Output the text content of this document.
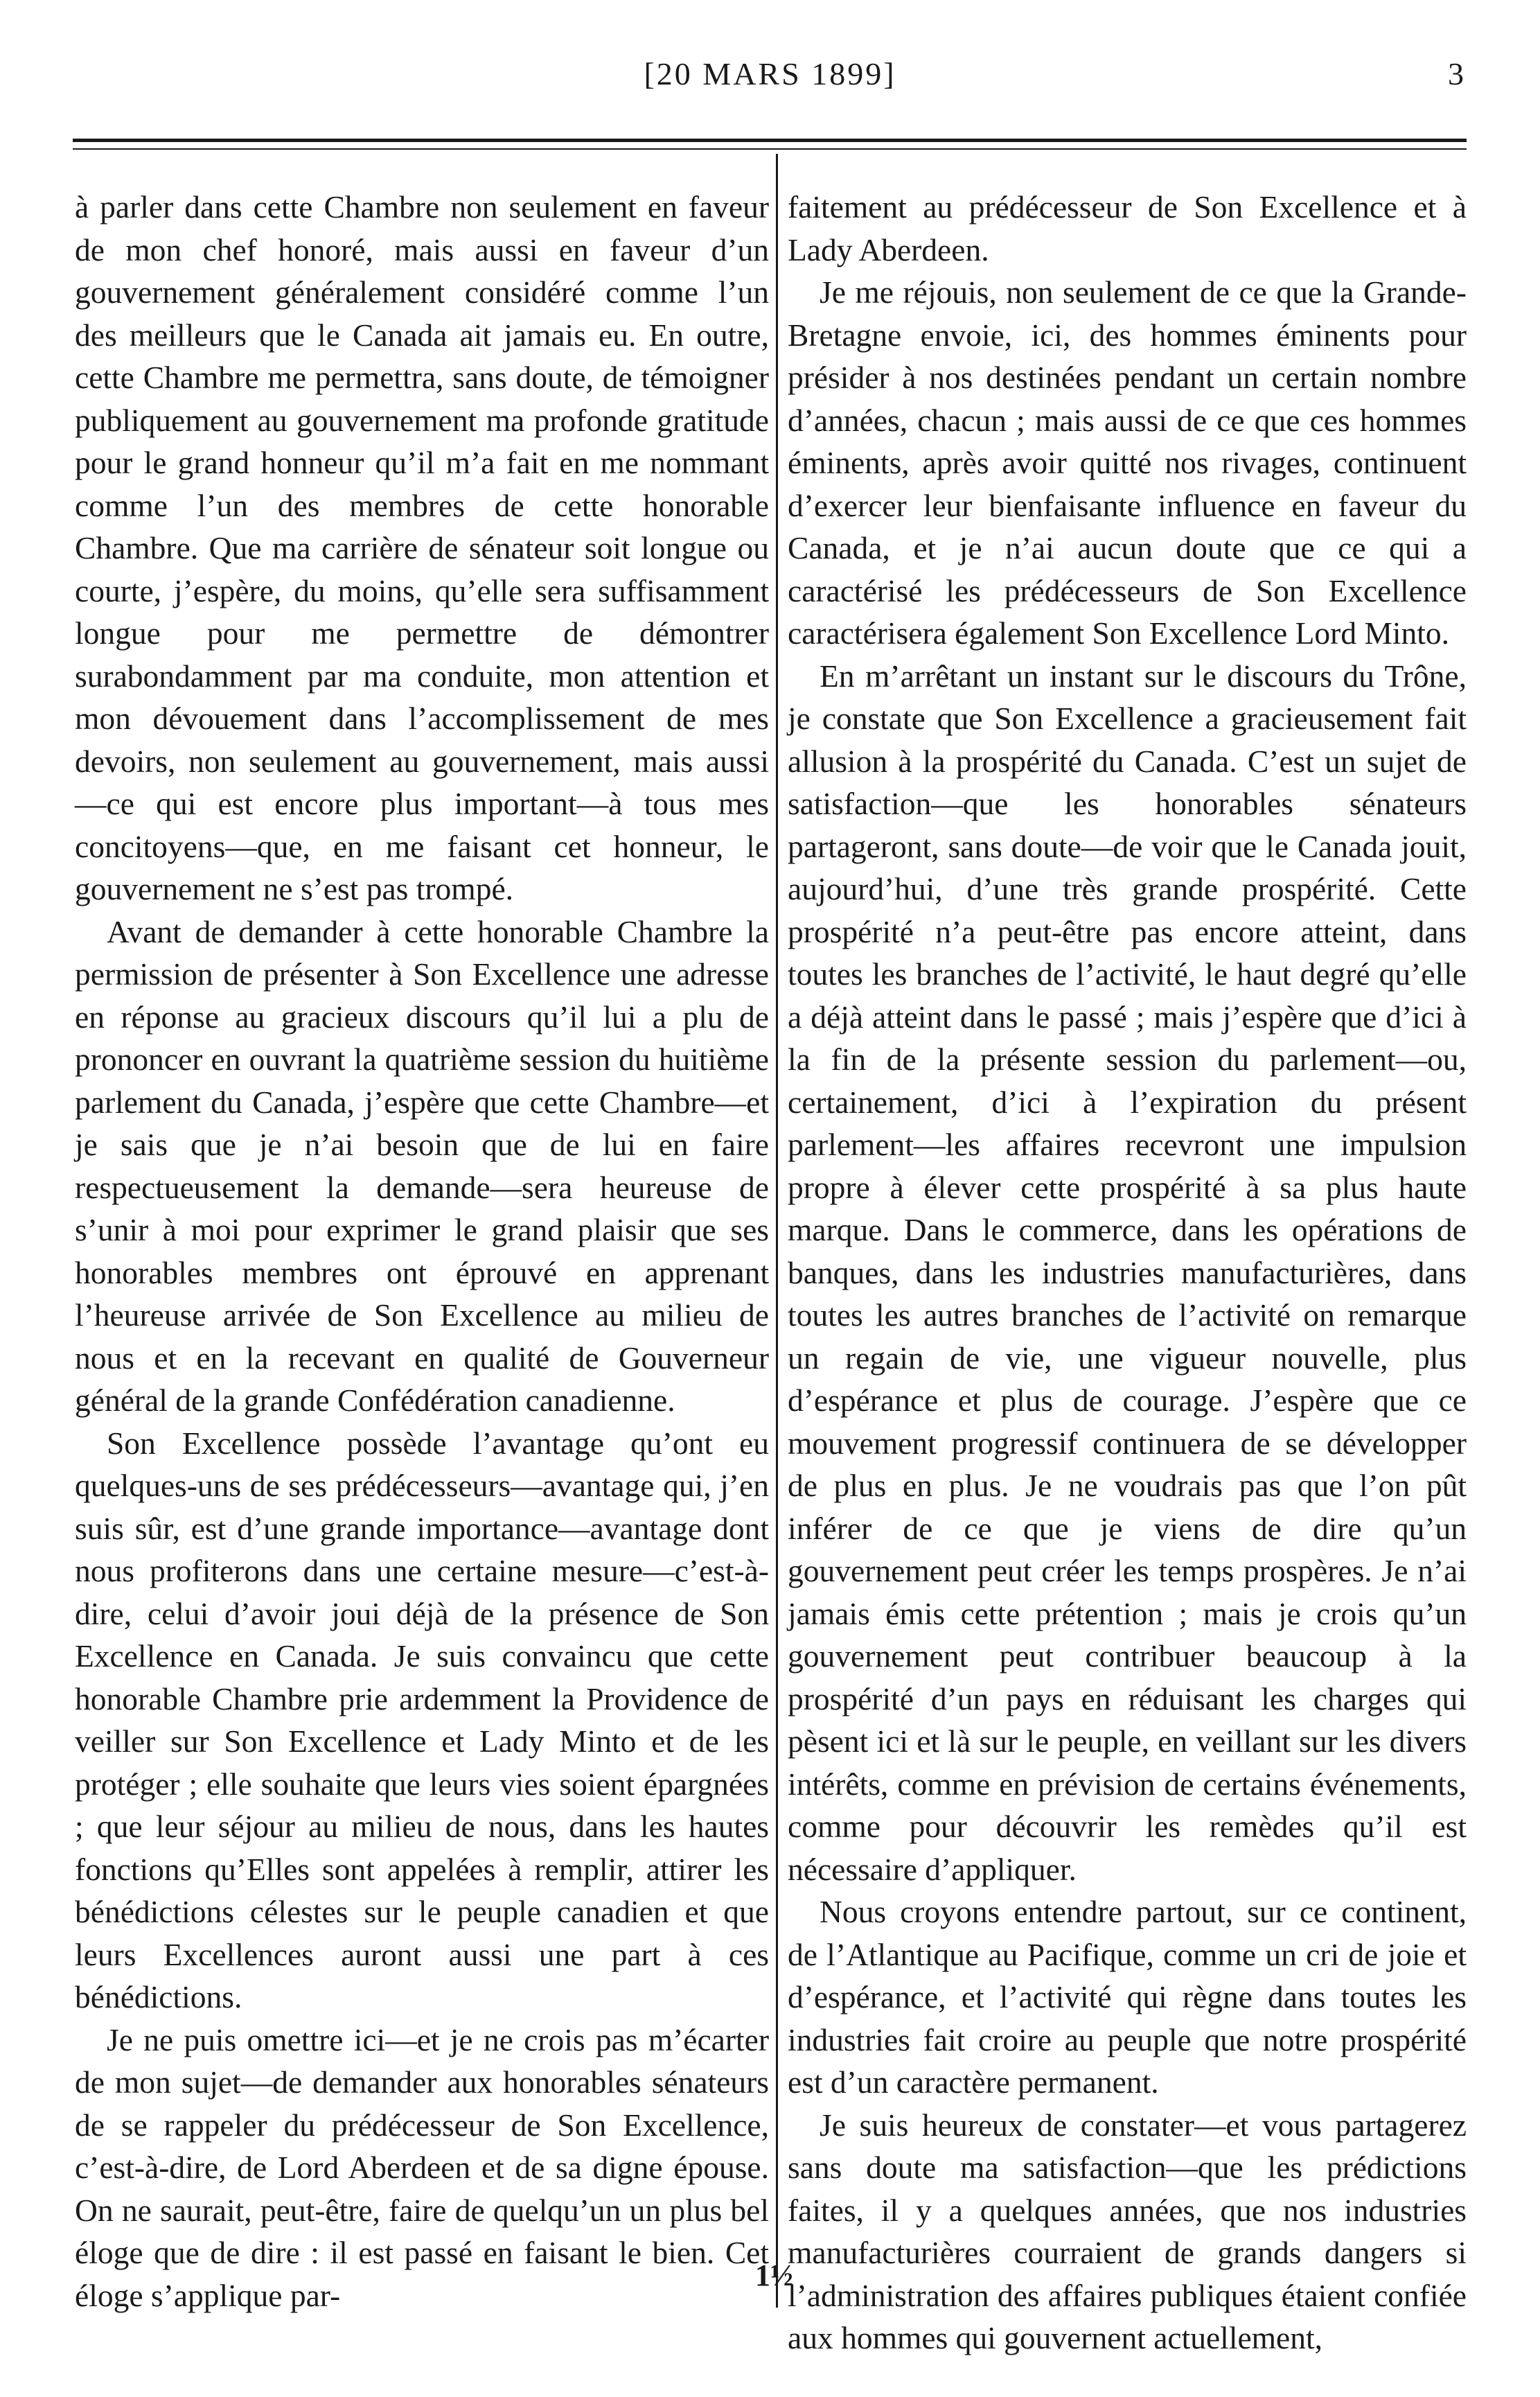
[20 MARS 1899]	3

à parler dans cette Chambre non seulement en faveur de mon chef honoré, mais aussi en faveur d’un gouvernement généralement considéré comme l’un des meilleurs que le Canada ait jamais eu. En outre, cette Chambre me permettra, sans doute, de témoigner publiquement au gouvernement ma profonde gratitude pour le grand honneur qu’il m’a fait en me nommant comme l’un des membres de cette honorable Chambre. Que ma carrière de sénateur soit longue ou courte, j’espère, du moins, qu’elle sera suffisamment longue pour me permettre de démontrer surabondamment par ma conduite, mon attention et mon dévouement dans l’accomplissement de mes devoirs, non seulement au gouvernement, mais aussi—ce qui est encore plus important—à tous mes concitoyens—que, en me faisant cet honneur, le gouvernement ne s’est pas trompé.

Avant de demander à cette honorable Chambre la permission de présenter à Son Excellence une adresse en réponse au gracieux discours qu’il lui a plu de prononcer en ouvrant la quatrième session du huitième parlement du Canada, j’espère que cette Chambre—et je sais que je n’ai besoin que de lui en faire respectueusement la demande—sera heureuse de s’unir à moi pour exprimer le grand plaisir que ses honorables membres ont éprouvé en apprenant l’heureuse arrivée de Son Excellence au milieu de nous et en la recevant en qualité de Gouverneur général de la grande Confédération canadienne.

Son Excellence possède l’avantage qu’ont eu quelques-uns de ses prédécesseurs—avantage qui, j’en suis sûr, est d’une grande importance—avantage dont nous profiterons dans une certaine mesure—c’est-à-dire, celui d’avoir joui déjà de la présence de Son Excellence en Canada. Je suis convaincu que cette honorable Chambre prie ardemment la Providence de veiller sur Son Excellence et Lady Minto et de les protéger ; elle souhaite que leurs vies soient épargnées ; que leur séjour au milieu de nous, dans les hautes fonctions qu’Elles sont appelées à remplir, attirer les bénédictions célestes sur le peuple canadien et que leurs Excellences auront aussi une part à ces bénédictions.

Je ne puis omettre ici—et je ne crois pas m’écarter de mon sujet—de demander aux honorables sénateurs de se rappeler du prédécesseur de Son Excellence, c’est-à-dire, de Lord Aberdeen et de sa digne épouse. On ne saurait, peut-être, faire de quelqu’un un plus bel éloge que de dire : il est passé en faisant le bien. Cet éloge s’applique par-

faitement au prédécesseur de Son Excellence et à Lady Aberdeen.

Je me réjouis, non seulement de ce que la Grande-Bretagne envoie, ici, des hommes éminents pour présider à nos destinées pendant un certain nombre d’années, chacun ; mais aussi de ce que ces hommes éminents, après avoir quitté nos rivages, continuent d’exercer leur bienfaisante influence en faveur du Canada, et je n’ai aucun doute que ce qui a caractérisé les prédécesseurs de Son Excellence caractérisera également Son Excellence Lord Minto.

En m’arrêtant un instant sur le discours du Trône, je constate que Son Excellence a gracieusement fait allusion à la prospérité du Canada. C’est un sujet de satisfaction—que les honorables sénateurs partageront, sans doute—de voir que le Canada jouit, aujourd’hui, d’une très grande prospérité. Cette prospérité n’a peut-être pas encore atteint, dans toutes les branches de l’activité, le haut degré qu’elle a déjà atteint dans le passé ; mais j’espère que d’ici à la fin de la présente session du parlement—ou, certainement, d’ici à l’expiration du présent parlement—les affaires recevront une impulsion propre à élever cette prospérité à sa plus haute marque. Dans le commerce, dans les opérations de banques, dans les industries manufacturières, dans toutes les autres branches de l’activité on remarque un regain de vie, une vigueur nouvelle, plus d’espérance et plus de courage. J’espère que ce mouvement progressif continuera de se développer de plus en plus. Je ne voudrais pas que l’on pût inférer de ce que je viens de dire qu’un gouvernement peut créer les temps prospères. Je n’ai jamais émis cette prétention ; mais je crois qu’un gouvernement peut contribuer beaucoup à la prospérité d’un pays en réduisant les charges qui pèsent ici et là sur le peuple, en veillant sur les divers intérêts, comme en prévision de certains événements, comme pour découvrir les remèdes qu’il est nécessaire d’appliquer.

Nous croyons entendre partout, sur ce continent, de l’Atlantique au Pacifique, comme un cri de joie et d’espérance, et l’activité qui règne dans toutes les industries fait croire au peuple que notre prospérité est d’un caractère permanent.

Je suis heureux de constater—et vous partagerez sans doute ma satisfaction—que les prédictions faites, il y a quelques années, que nos industries manufacturières courraient de grands dangers si l’administration des affaires publiques étaient confiée aux hommes qui gouvernent actuellement,

1½
